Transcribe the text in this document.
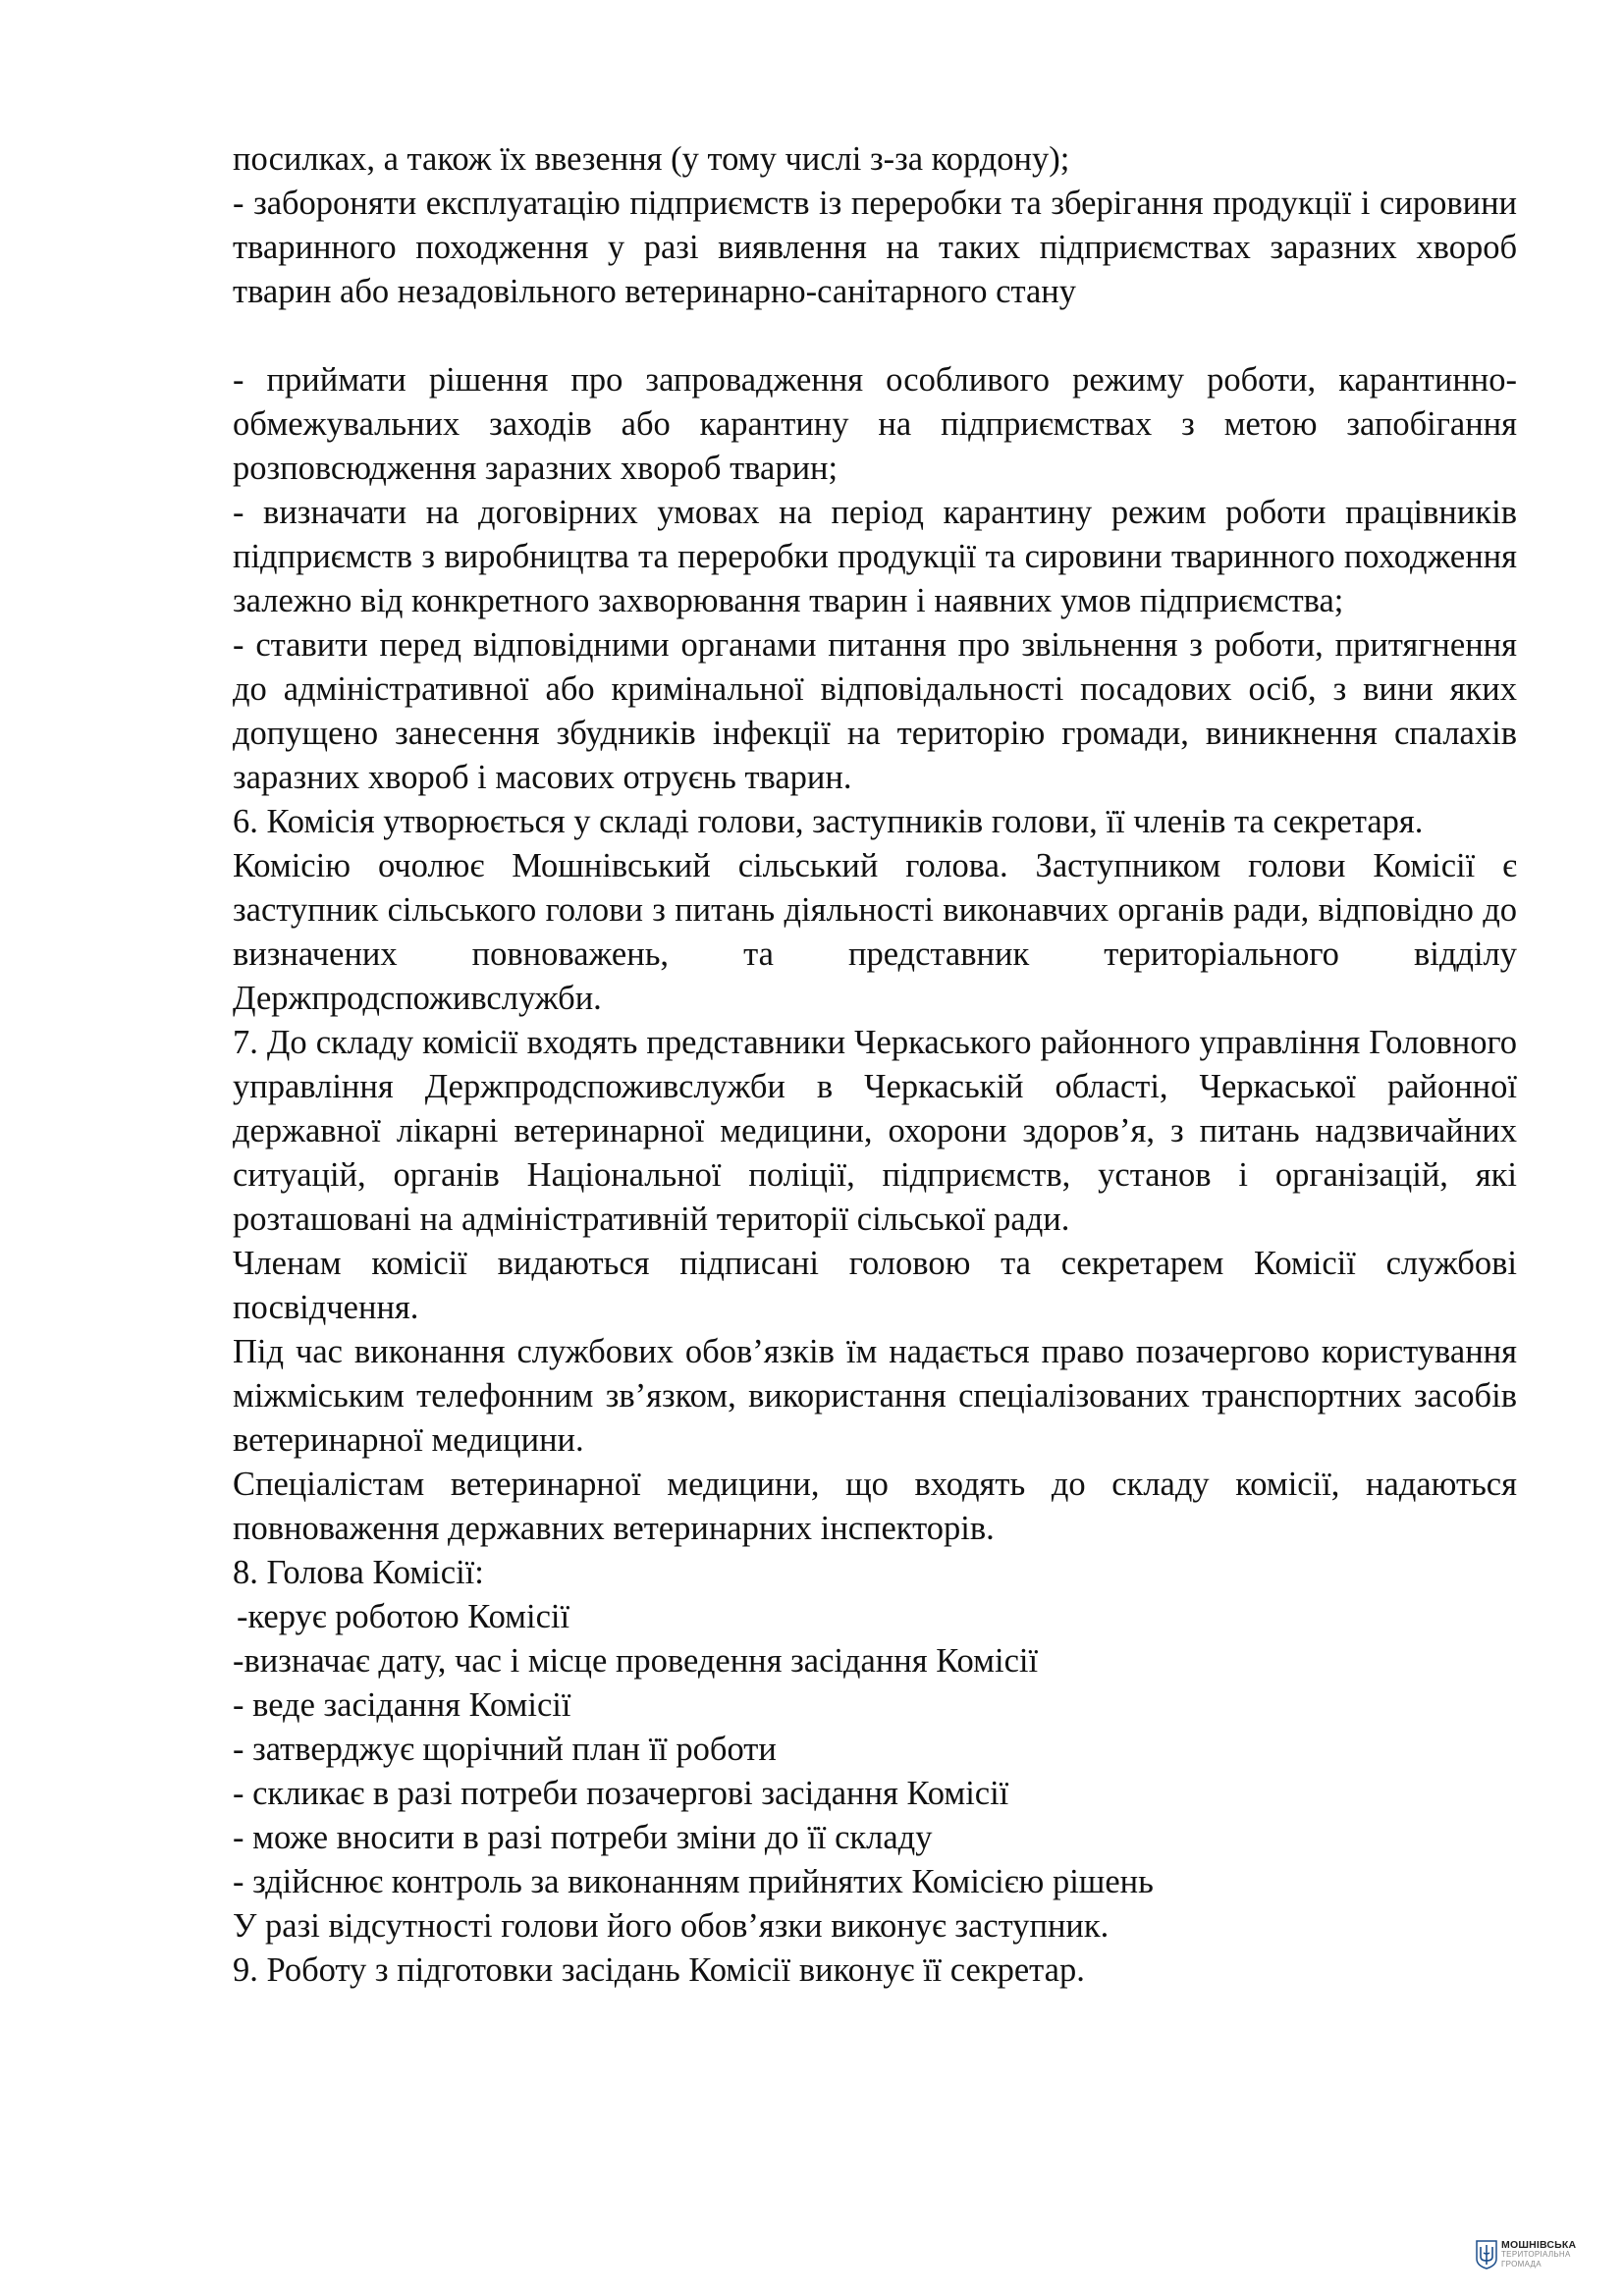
посилках, а також їх ввезення (у тому числі з-за кордону);

- забороняти експлуатацію підприємств із переробки та зберігання продукції і сировини тваринного походження у разі виявлення на таких підприємствах заразних хвороб тварин або незадовільного ветеринарно-санітарного стану

- приймати рішення про запровадження особливого режиму роботи, карантинно-обмежувальних заходів або карантину на підприємствах з метою запобігання розповсюдження заразних хвороб тварин;

- визначати на договірних умовах на період карантину режим роботи працівників підприємств з виробництва та переробки продукції та сировини тваринного походження залежно від конкретного захворювання тварин і наявних умов підприємства;

- ставити перед відповідними органами питання про звільнення з роботи, притягнення до адміністративної або кримінальної відповідальності посадових осіб, з вини яких допущено занесення збудників інфекції на територію громади, виникнення спалахів заразних хвороб і масових отруєнь тварин.

6. Комісія утворюється у складі голови, заступників голови, її членів та секретаря.

Комісію очолює Мошнівський сільський голова. Заступником голови Комісії є заступник сільського голови з питань діяльності виконавчих органів ради, відповідно до визначених повноважень, та представник територіального відділу Держпродспоживслужби.

7. До складу комісії входять представники Черкаського районного управління Головного управління Держпродспоживслужби в Черкаській області, Черкаської районної державної лікарні ветеринарної медицини, охорони здоров’я, з питань надзвичайних ситуацій, органів Національної поліції, підприємств, установ і організацій, які розташовані на адміністративній території сільської ради.

Членам комісії видаються підписані головою та секретарем Комісії службові посвідчення.

Під час виконання службових обов’язків їм надається право позачергово користування міжміським телефонним зв’язком, використання спеціалізованих транспортних засобів ветеринарної медицини.

Спеціалістам ветеринарної медицини, що входять до складу комісії, надаються повноваження державних ветеринарних інспекторів.

8. Голова Комісії:

-керує роботою Комісії

-визначає дату, час і місце проведення засідання Комісії

- веде засідання Комісії

- затверджує щорічний план її роботи

- скликає в разі потреби позачергові засідання Комісії

- може вносити в разі потреби зміни до її складу

- здійснює контроль за виконанням прийнятих Комісією рішень

У разі відсутності голови його обов’язки виконує заступник.

9. Роботу з підготовки засідань Комісії виконує її секретар.

МОШНІВСЬКА
ТЕРИТОРІАЛЬНА
ГРОМАДА
